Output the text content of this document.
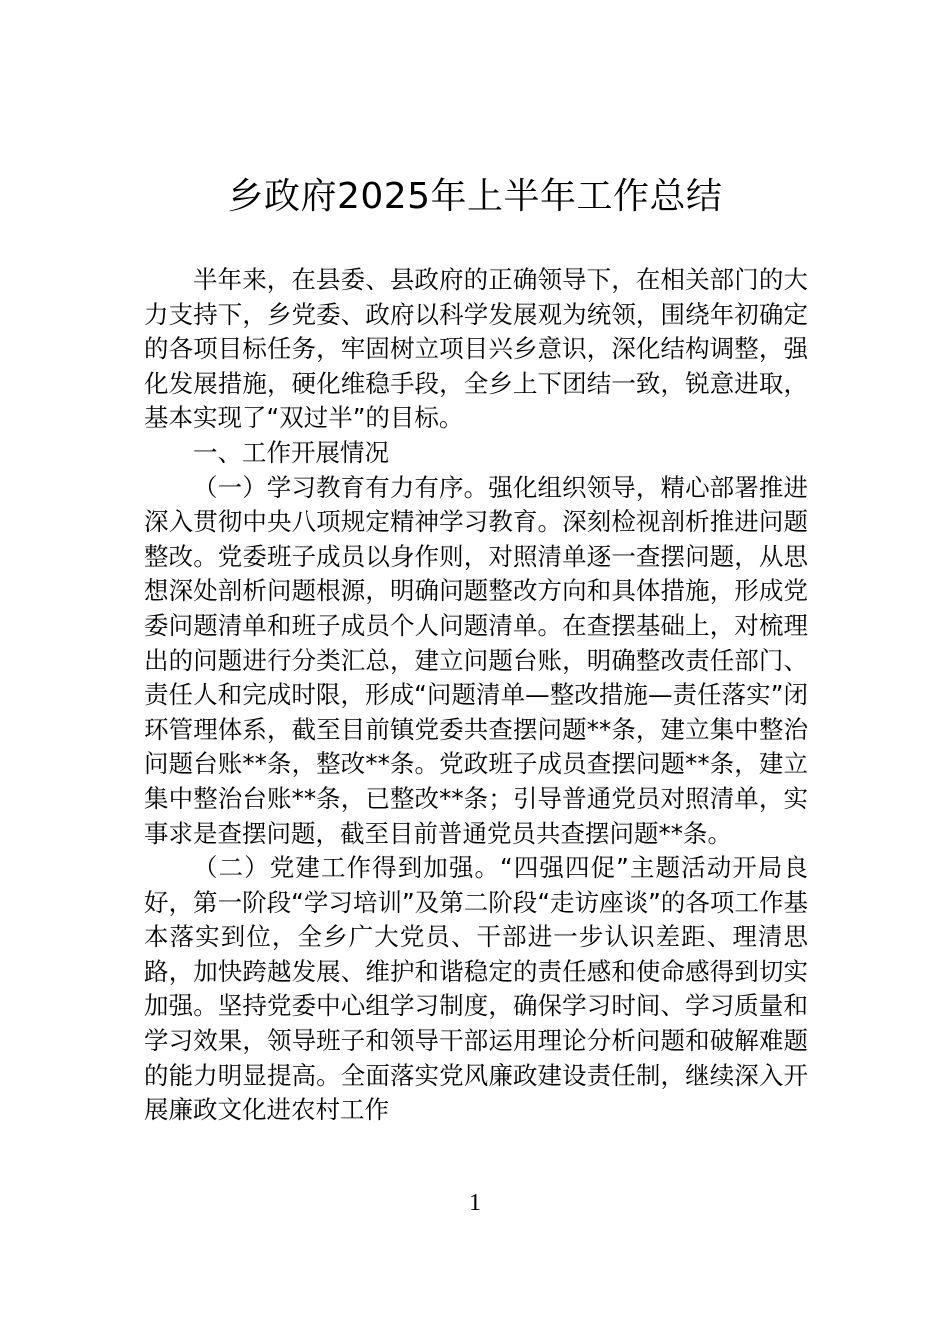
乡政府2025年上半年工作总结

半年来，在县委、县政府的正确领导下，在相关部门的大力支持下，乡党委、政府以科学发展观为统领，围绕年初确定的各项目标任务，牢固树立项目兴乡意识，深化结构调整，强化发展措施，硬化维稳手段，全乡上下团结一致，锐意进取，基本实现了“双过半”的目标。

一、工作开展情况

（一）学习教育有力有序。强化组织领导，精心部署推进深入贯彻中央八项规定精神学习教育。深刻检视剖析推进问题整改。党委班子成员以身作则，对照清单逐一查摆问题，从思想深处剖析问题根源，明确问题整改方向和具体措施，形成党委问题清单和班子成员个人问题清单。在查摆基础上，对梳理出的问题进行分类汇总，建立问题台账，明确整改责任部门、责任人和完成时限，形成“问题清单—整改措施—责任落实”闭环管理体系，截至目前镇党委共查摆问题**条，建立集中整治问题台账**条，整改**条。党政班子成员查摆问题**条，建立集中整治台账**条，已整改**条；引导普通党员对照清单，实事求是查摆问题，截至目前普通党员共查摆问题**条。

（二）党建工作得到加强。“四强四促”主题活动开局良好，第一阶段“学习培训”及第二阶段“走访座谈”的各项工作基本落实到位，全乡广大党员、干部进一步认识差距、理清思路，加快跨越发展、维护和谐稳定的责任感和使命感得到切实加强。坚持党委中心组学习制度，确保学习时间、学习质量和学习效果，领导班子和领导干部运用理论分析问题和破解难题的能力明显提高。全面落实党风廉政建设责任制，继续深入开展廉政文化进农村工作

1
